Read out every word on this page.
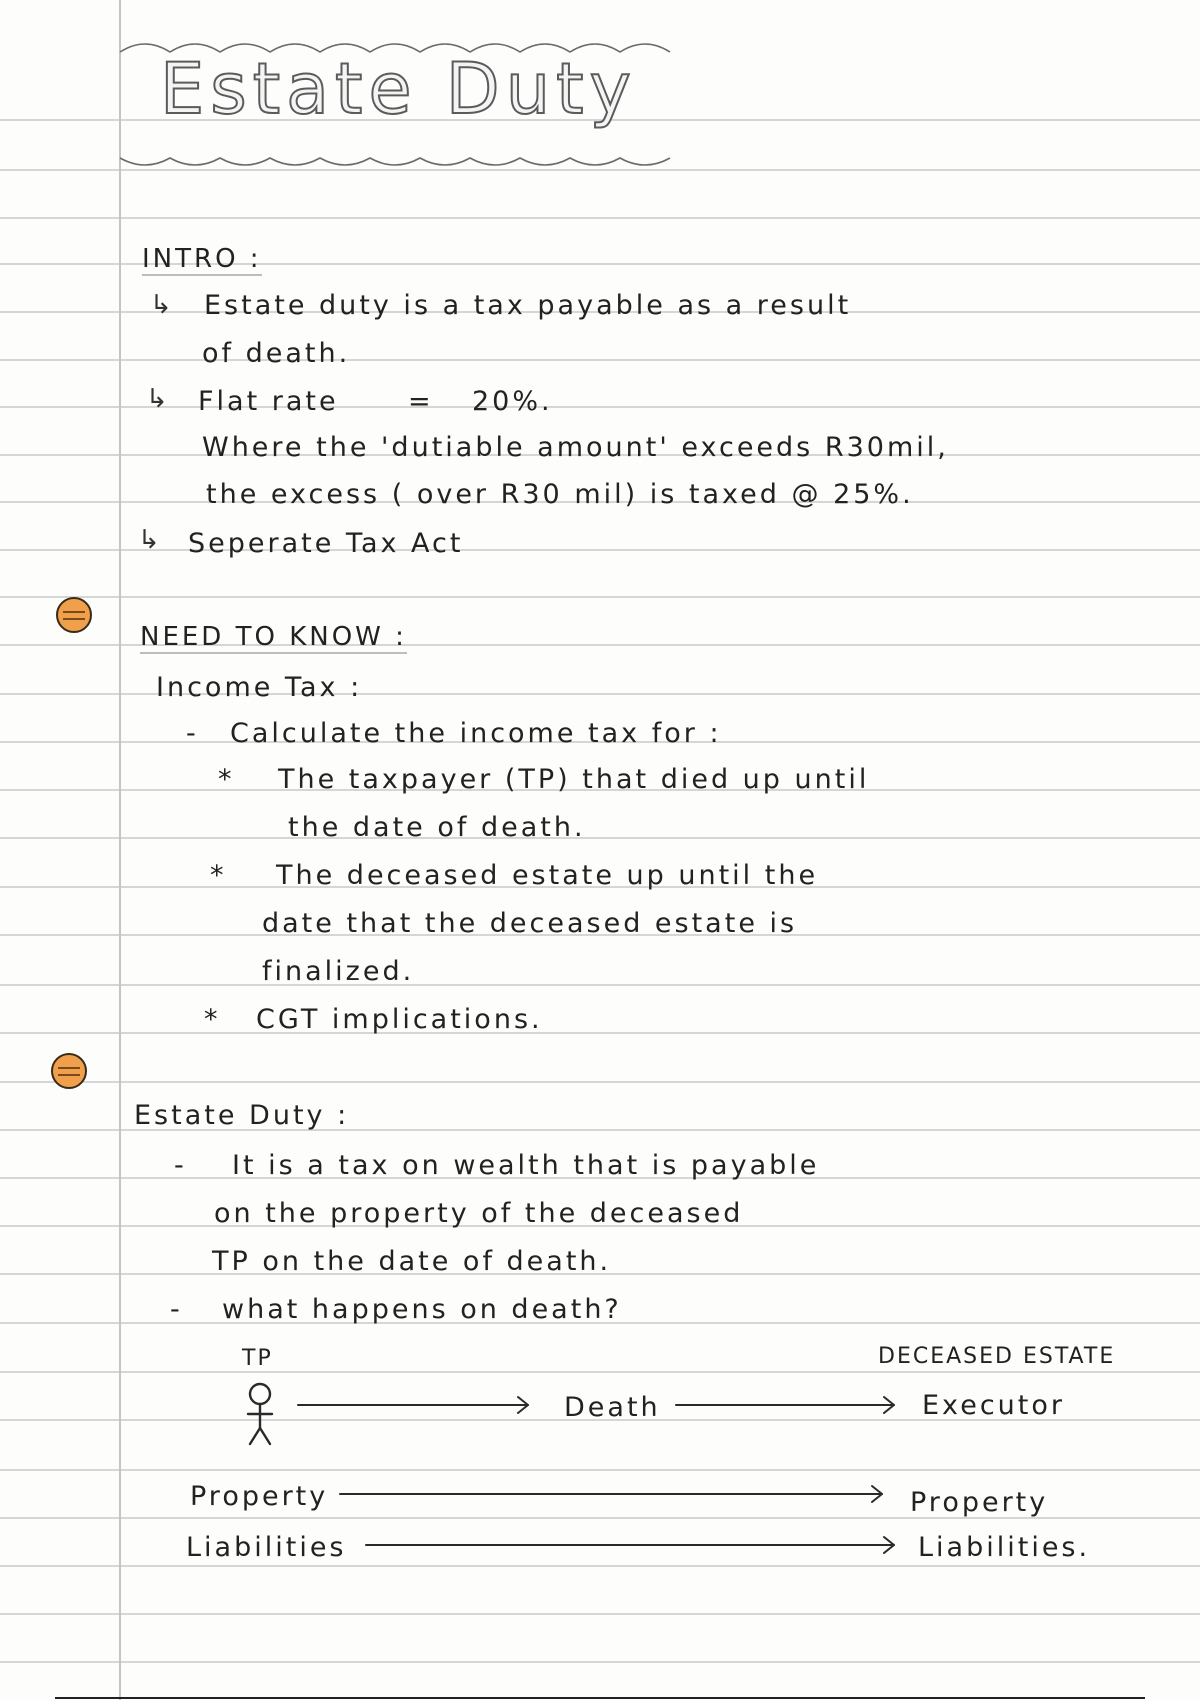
Estate Duty
INTRO :
↳ Estate duty is a tax payable as a result
of death.
↳ Flat rate	= 20%.
Where the 'dutiable amount' exceeds R30mil,
the excess ( over R30 mil) is taxed @ 25%.
↳ Seperate Tax Act
NEED TO KNOW :
Income Tax :
- Calculate the income tax for :
* The taxpayer (TP) that died up until
the date of death.
* The deceased estate up until the
date that the deceased estate is
finalized.
* CGT implications.
Estate Duty :
- It is a tax on wealth that is payable
on the property of the deceased
TP on the date of death.
- what happens on death?
TP	DECEASED ESTATE
Death	Executor
Property	Property
Liabilities	Liabilities.
